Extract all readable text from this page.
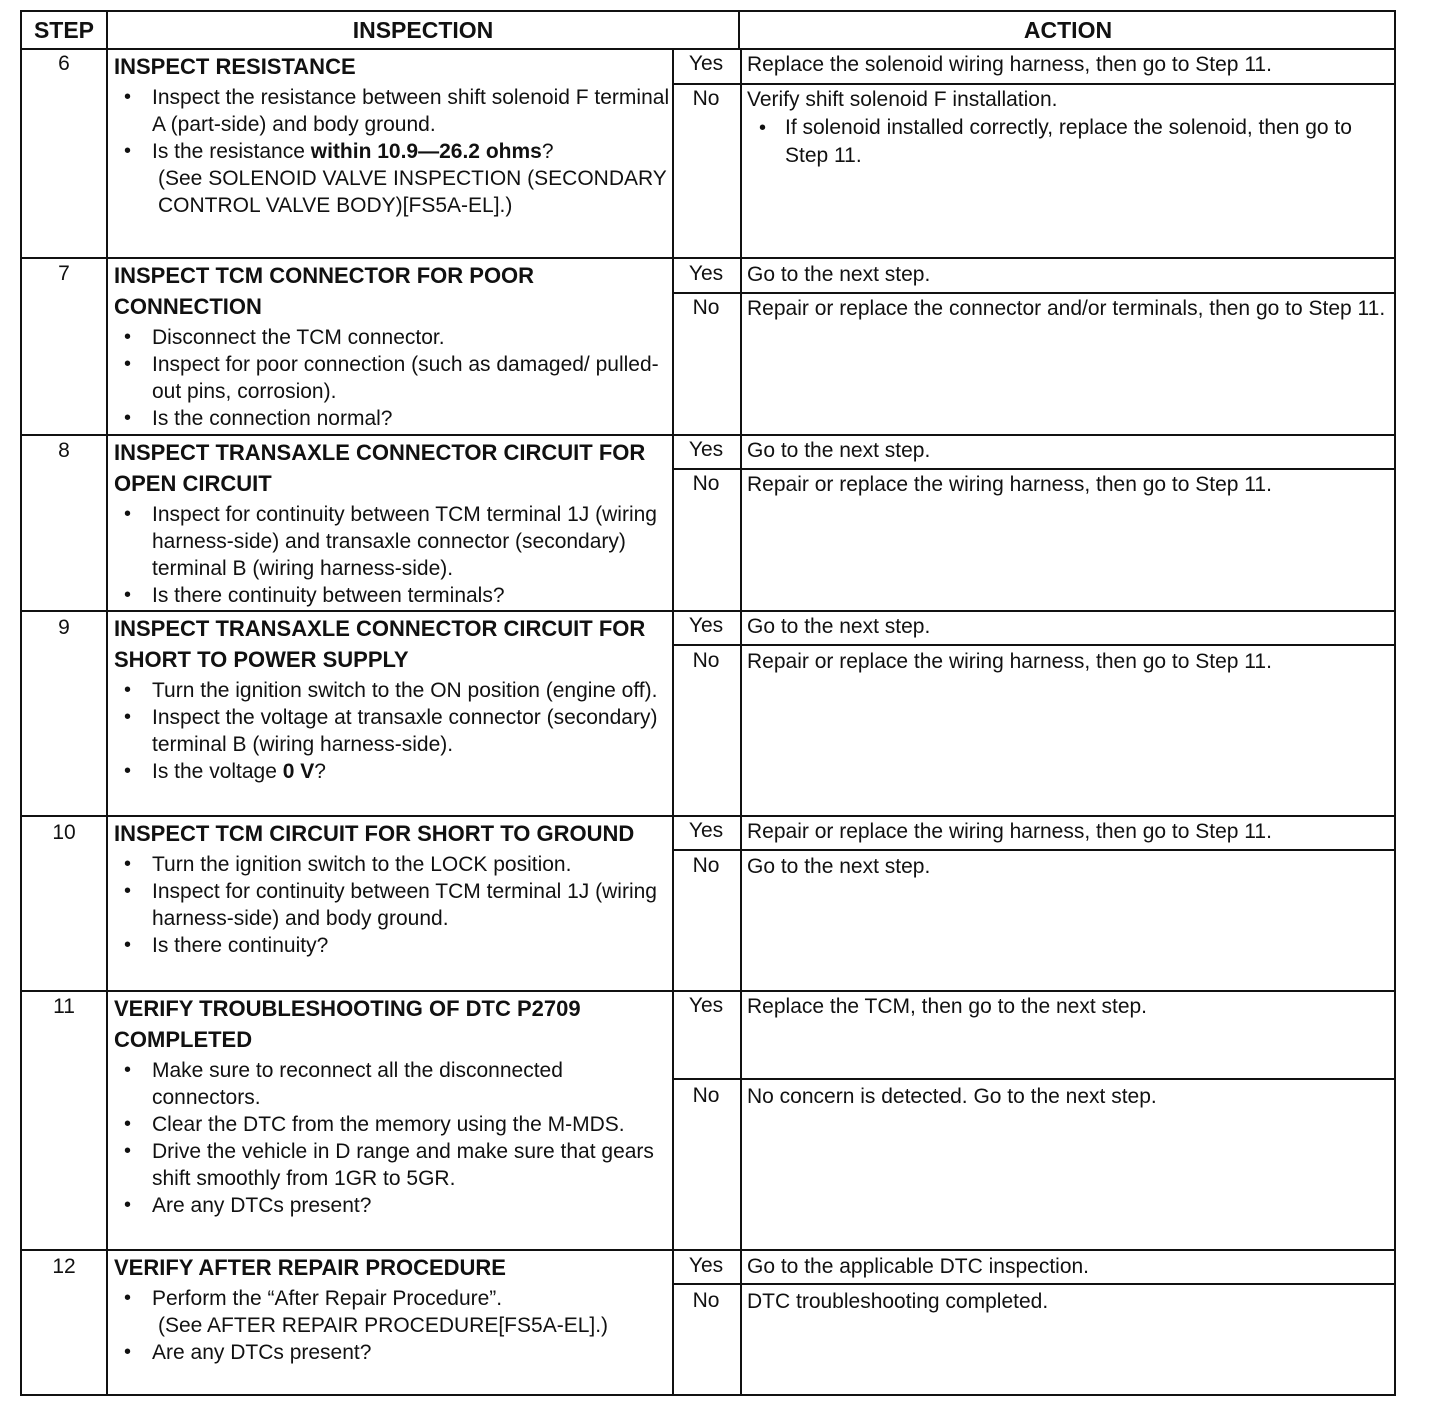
STEP	INSPECTION	ACTION
6	INSPECT RESISTANCE
• Inspect the resistance between shift solenoid F terminal A (part-side) and body ground.
• Is the resistance within 10.9—26.2 ohms?
(See SOLENOID VALVE INSPECTION (SECONDARY CONTROL VALVE BODY)[FS5A-EL].)
Yes	Replace the solenoid wiring harness, then go to Step 11.
No	Verify shift solenoid F installation.
• If solenoid installed correctly, replace the solenoid, then go to Step 11.
7	INSPECT TCM CONNECTOR FOR POOR CONNECTION
• Disconnect the TCM connector.
• Inspect for poor connection (such as damaged/ pulled-out pins, corrosion).
• Is the connection normal?
Yes	Go to the next step.
No	Repair or replace the connector and/or terminals, then go to Step 11.
8	INSPECT TRANSAXLE CONNECTOR CIRCUIT FOR OPEN CIRCUIT
• Inspect for continuity between TCM terminal 1J (wiring harness-side) and transaxle connector (secondary) terminal B (wiring harness-side).
• Is there continuity between terminals?
Yes	Go to the next step.
No	Repair or replace the wiring harness, then go to Step 11.
9	INSPECT TRANSAXLE CONNECTOR CIRCUIT FOR SHORT TO POWER SUPPLY
• Turn the ignition switch to the ON position (engine off).
• Inspect the voltage at transaxle connector (secondary) terminal B (wiring harness-side).
• Is the voltage 0 V?
Yes	Go to the next step.
No	Repair or replace the wiring harness, then go to Step 11.
10	INSPECT TCM CIRCUIT FOR SHORT TO GROUND
• Turn the ignition switch to the LOCK position.
• Inspect for continuity between TCM terminal 1J (wiring harness-side) and body ground.
• Is there continuity?
Yes	Repair or replace the wiring harness, then go to Step 11.
No	Go to the next step.
11	VERIFY TROUBLESHOOTING OF DTC P2709 COMPLETED
• Make sure to reconnect all the disconnected connectors.
• Clear the DTC from the memory using the M-MDS.
• Drive the vehicle in D range and make sure that gears shift smoothly from 1GR to 5GR.
• Are any DTCs present?
Yes	Replace the TCM, then go to the next step.
No	No concern is detected. Go to the next step.
12	VERIFY AFTER REPAIR PROCEDURE
• Perform the “After Repair Procedure”.
(See AFTER REPAIR PROCEDURE[FS5A-EL].)
• Are any DTCs present?
Yes	Go to the applicable DTC inspection.
No	DTC troubleshooting completed.
